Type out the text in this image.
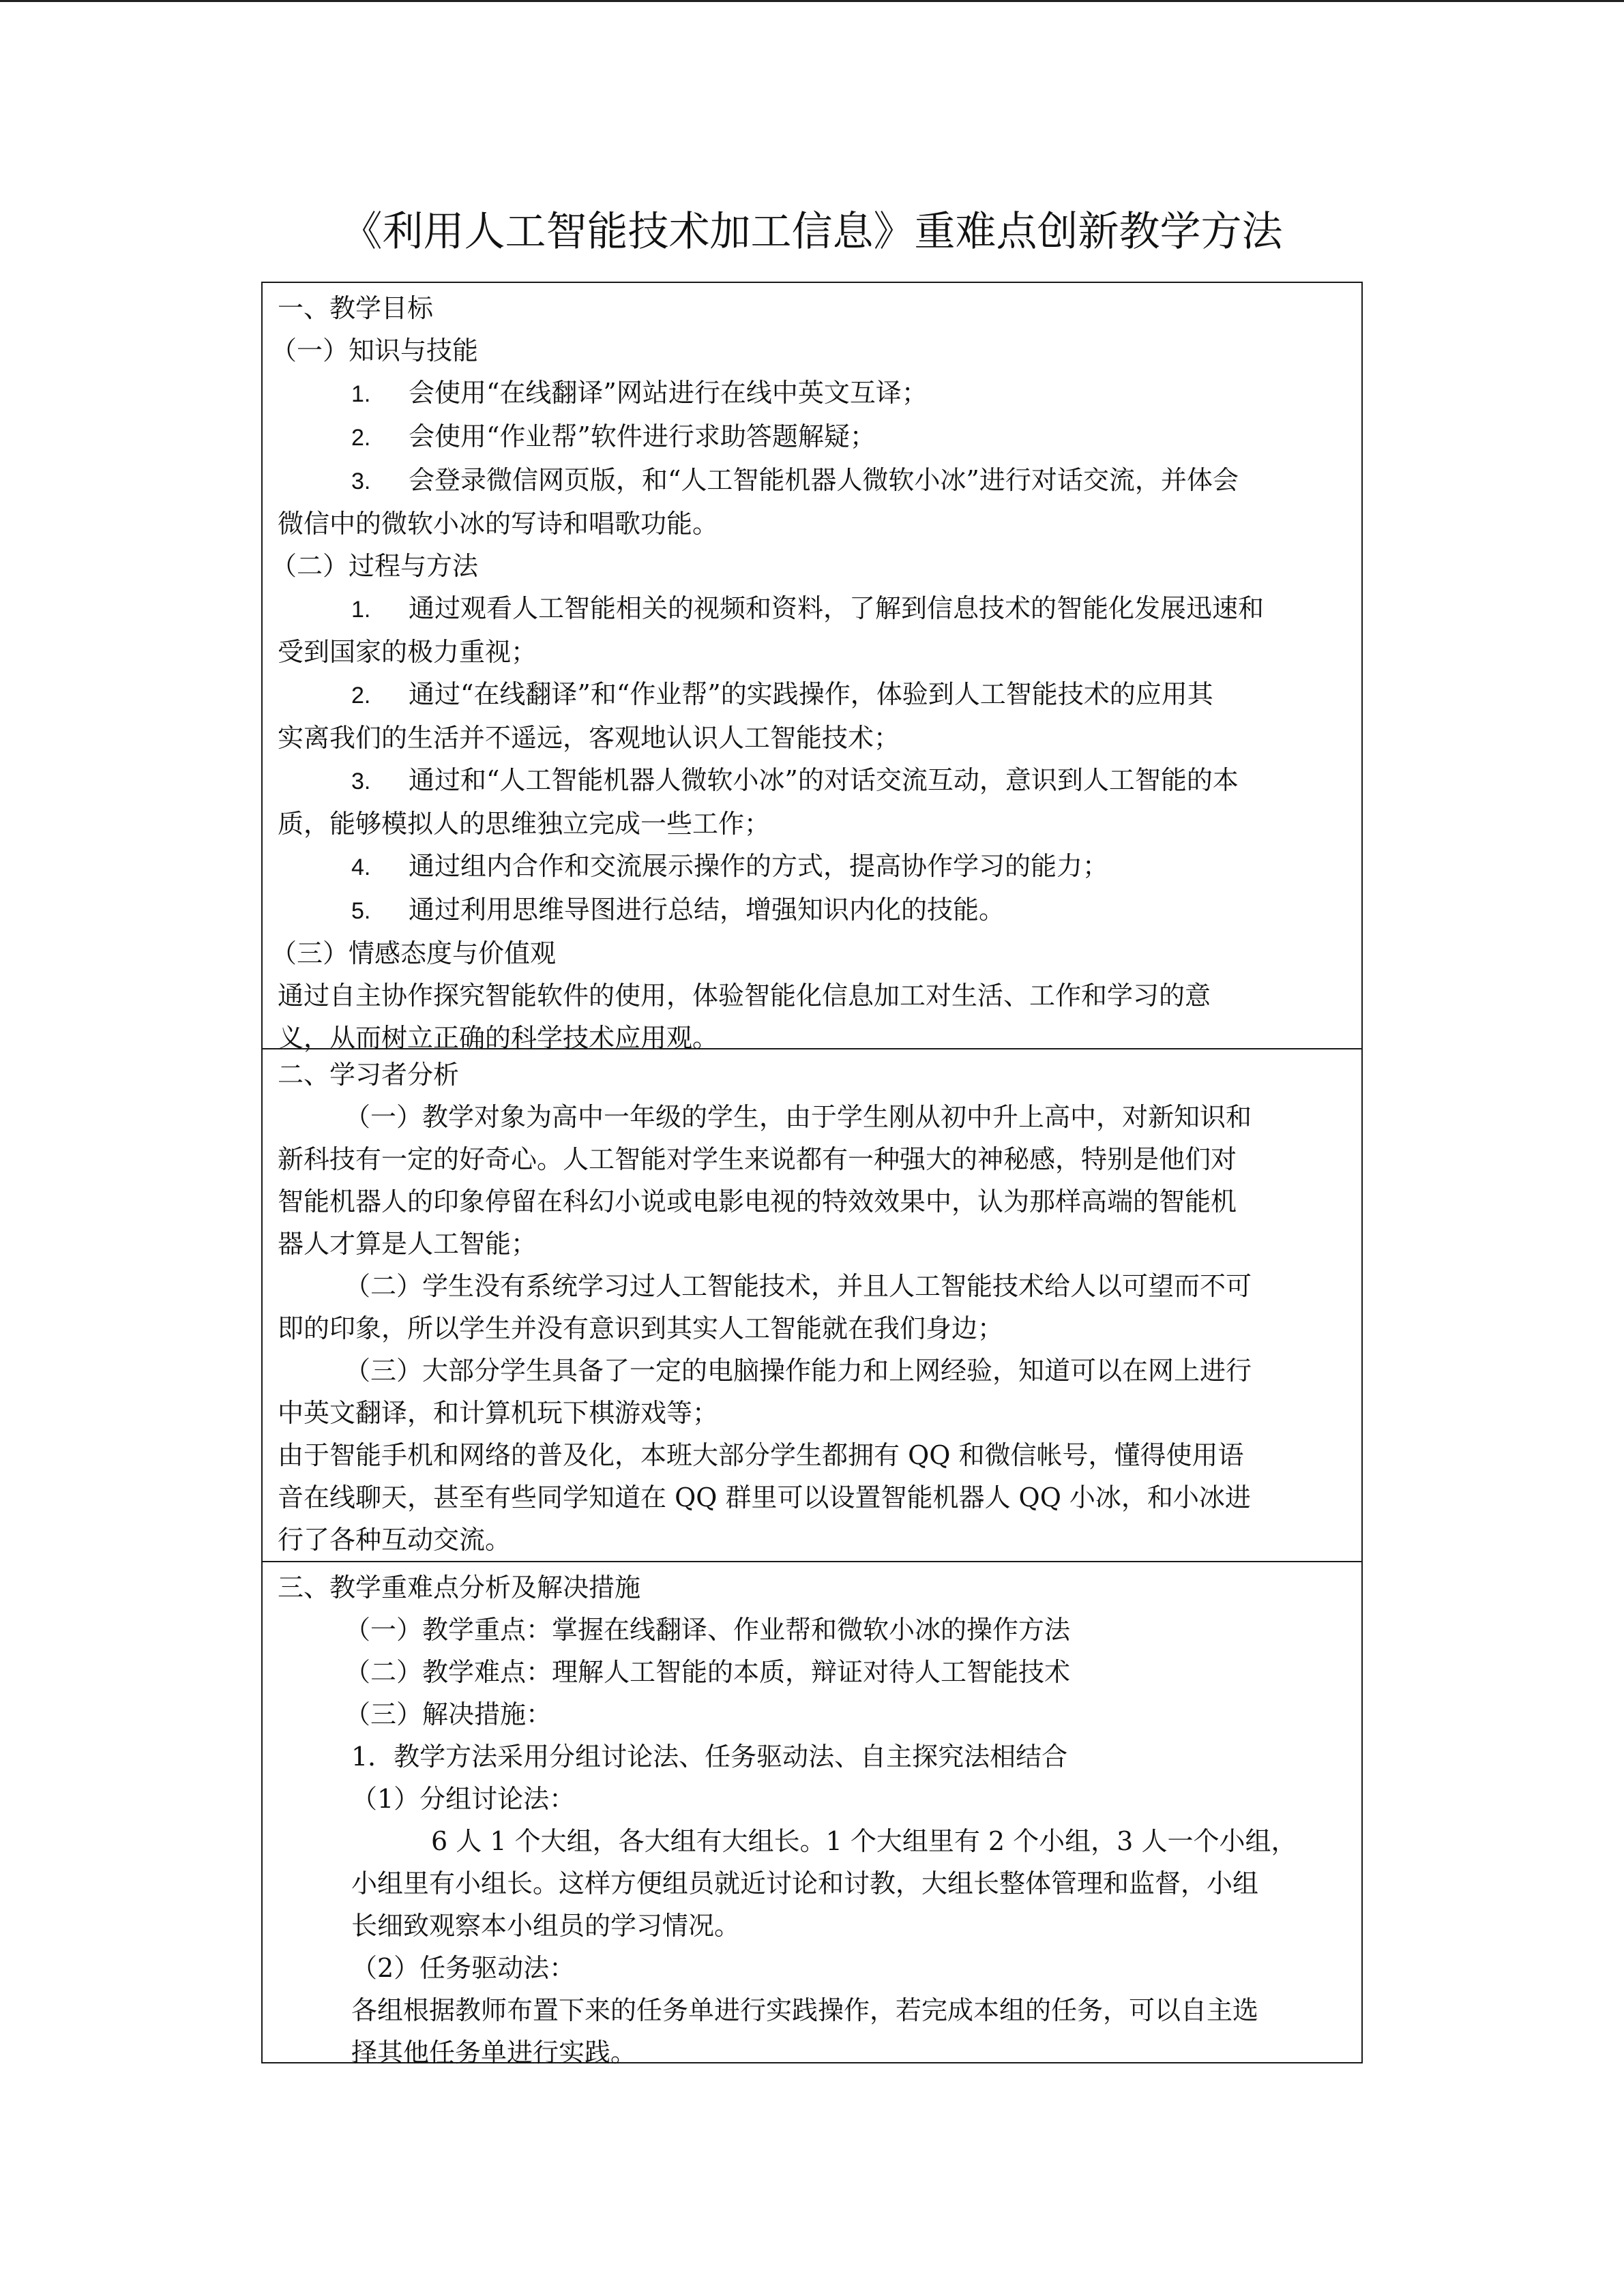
《利用人工智能技术加工信息》重难点创新教学方法
一、教学目标
（一）知识与技能
1. 会使用“在线翻译”网站进行在线中英文互译；
2. 会使用“作业帮”软件进行求助答题解疑；
3. 会登录微信网页版，和“人工智能机器人微软小冰”进行对话交流，并体会
微信中的微软小冰的写诗和唱歌功能。
（二）过程与方法
1. 通过观看人工智能相关的视频和资料，了解到信息技术的智能化发展迅速和
受到国家的极力重视；
2. 通过“在线翻译”和“作业帮”的实践操作，体验到人工智能技术的应用其
实离我们的生活并不遥远，客观地认识人工智能技术；
3. 通过和“人工智能机器人微软小冰”的对话交流互动，意识到人工智能的本
质，能够模拟人的思维独立完成一些工作；
4. 通过组内合作和交流展示操作的方式，提高协作学习的能力；
5. 通过利用思维导图进行总结，增强知识内化的技能。
（三）情感态度与价值观
通过自主协作探究智能软件的使用，体验智能化信息加工对生活、工作和学习的意
义，从而树立正确的科学技术应用观。
二、学习者分析
（一）教学对象为高中一年级的学生，由于学生刚从初中升上高中，对新知识和
新科技有一定的好奇心。人工智能对学生来说都有一种强大的神秘感，特别是他们对
智能机器人的印象停留在科幻小说或电影电视的特效效果中，认为那样高端的智能机
器人才算是人工智能；
（二）学生没有系统学习过人工智能技术，并且人工智能技术给人以可望而不可
即的印象，所以学生并没有意识到其实人工智能就在我们身边；
（三）大部分学生具备了一定的电脑操作能力和上网经验，知道可以在网上进行
中英文翻译，和计算机玩下棋游戏等；
由于智能手机和网络的普及化，本班大部分学生都拥有 QQ 和微信帐号，懂得使用语
音在线聊天，甚至有些同学知道在 QQ 群里可以设置智能机器人 QQ 小冰，和小冰进
行了各种互动交流。
三、教学重难点分析及解决措施
（一）教学重点：掌握在线翻译、作业帮和微软小冰的操作方法
（二）教学难点：理解人工智能的本质，辩证对待人工智能技术
（三）解决措施：
1．教学方法采用分组讨论法、任务驱动法、自主探究法相结合
（1）分组讨论法：
6 人 1 个大组，各大组有大组长。1 个大组里有 2 个小组，3 人一个小组，
小组里有小组长。这样方便组员就近讨论和讨教，大组长整体管理和监督，小组
长细致观察本小组员的学习情况。
（2）任务驱动法：
各组根据教师布置下来的任务单进行实践操作，若完成本组的任务，可以自主选
择其他任务单进行实践。
